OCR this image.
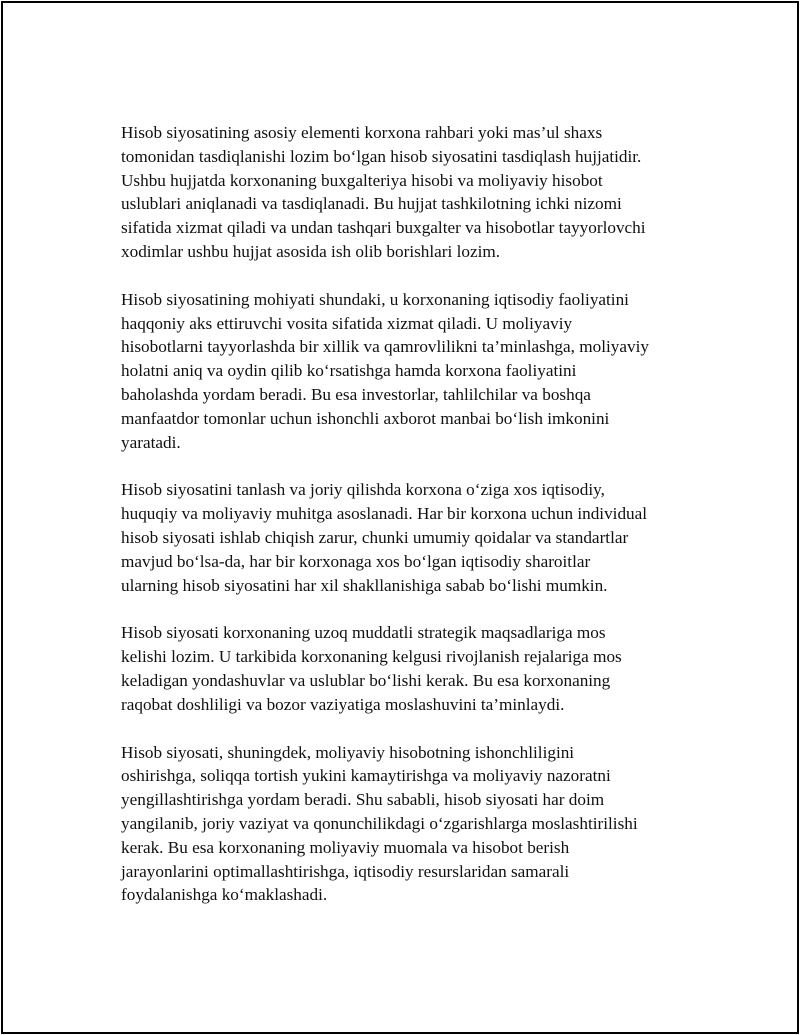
Hisob siyosatining asosiy elementi korxona rahbari yoki mas’ul shaxs
tomonidan tasdiqlanishi lozim bo‘lgan hisob siyosatini tasdiqlash hujjatidir.
Ushbu hujjatda korxonaning buxgalteriya hisobi va moliyaviy hisobot
uslublari aniqlanadi va tasdiqlanadi. Bu hujjat tashkilotning ichki nizomi
sifatida xizmat qiladi va undan tashqari buxgalter va hisobotlar tayyorlovchi
xodimlar ushbu hujjat asosida ish olib borishlari lozim.

Hisob siyosatining mohiyati shundaki, u korxonaning iqtisodiy faoliyatini
haqqoniy aks ettiruvchi vosita sifatida xizmat qiladi. U moliyaviy
hisobotlarni tayyorlashda bir xillik va qamrovlilikni ta’minlashga, moliyaviy
holatni aniq va oydin qilib ko‘rsatishga hamda korxona faoliyatini
baholashda yordam beradi. Bu esa investorlar, tahlilchilar va boshqa
manfaatdor tomonlar uchun ishonchli axborot manbai bo‘lish imkonini
yaratadi.

Hisob siyosatini tanlash va joriy qilishda korxona o‘ziga xos iqtisodiy,
huquqiy va moliyaviy muhitga asoslanadi. Har bir korxona uchun individual
hisob siyosati ishlab chiqish zarur, chunki umumiy qoidalar va standartlar
mavjud bo‘lsa-da, har bir korxonaga xos bo‘lgan iqtisodiy sharoitlar
ularning hisob siyosatini har xil shakllanishiga sabab bo‘lishi mumkin.

Hisob siyosati korxonaning uzoq muddatli strategik maqsadlariga mos
kelishi lozim. U tarkibida korxonaning kelgusi rivojlanish rejalariga mos
keladigan yondashuvlar va uslublar bo‘lishi kerak. Bu esa korxonaning
raqobat doshliligi va bozor vaziyatiga moslashuvini ta’minlaydi.

Hisob siyosati, shuningdek, moliyaviy hisobotning ishonchliligini
oshirishga, soliqqa tortish yukini kamaytirishga va moliyaviy nazoratni
yengillashtirishga yordam beradi. Shu sababli, hisob siyosati har doim
yangilanib, joriy vaziyat va qonunchilikdagi o‘zgarishlarga moslashtirilishi
kerak. Bu esa korxonaning moliyaviy muomala va hisobot berish
jarayonlarini optimallashtirishga, iqtisodiy resurslaridan samarali
foydalanishga ko‘maklashadi.
